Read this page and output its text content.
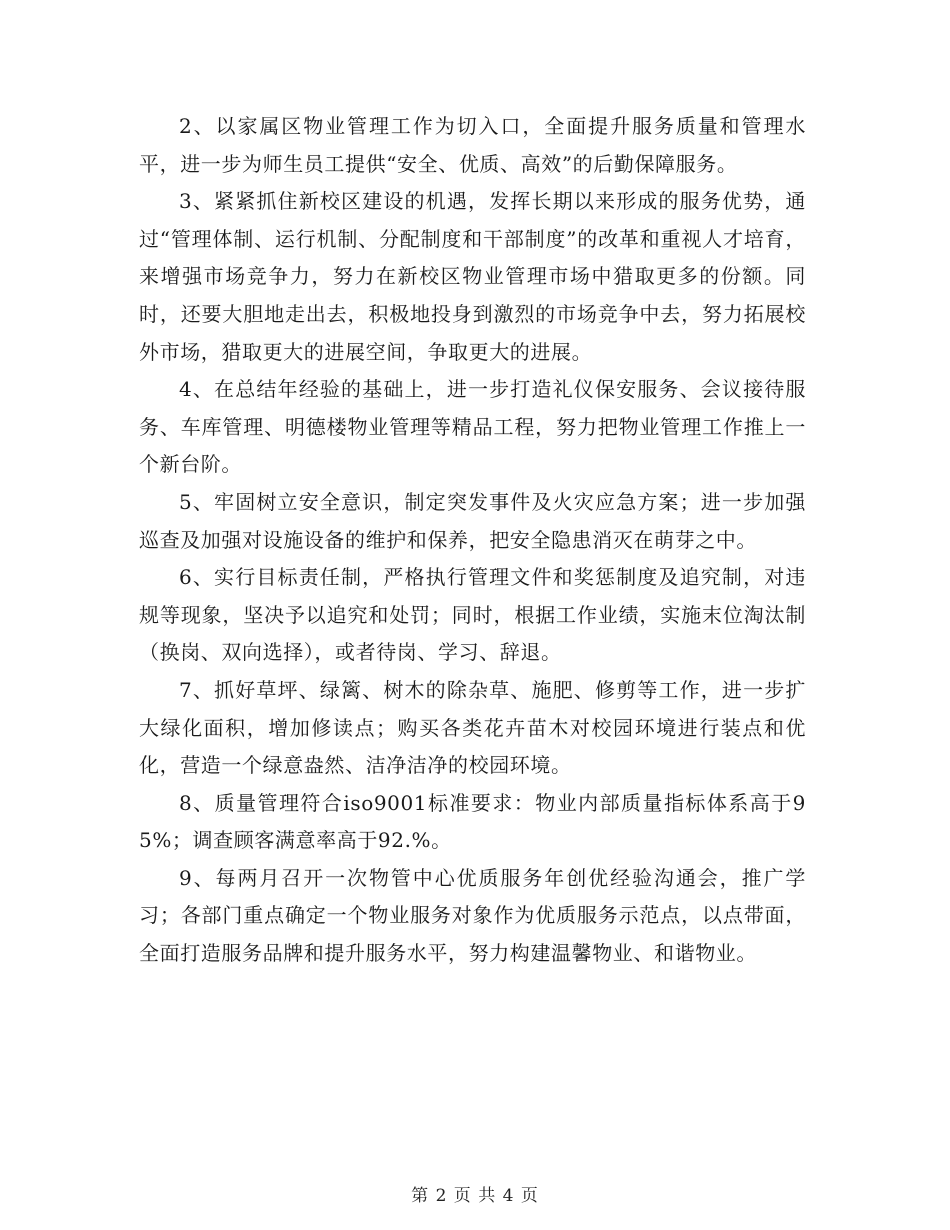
2、以家属区物业管理工作为切入口，全面提升服务质量和管理水平，进一步为师生员工提供“安全、优质、高效”的后勤保障服务。

3、紧紧抓住新校区建设的机遇，发挥长期以来形成的服务优势，通过“管理体制、运行机制、分配制度和干部制度”的改革和重视人才培育，来增强市场竞争力，努力在新校区物业管理市场中猎取更多的份额。同时，还要大胆地走出去，积极地投身到激烈的市场竞争中去，努力拓展校外市场，猎取更大的进展空间，争取更大的进展。

4、在总结年经验的基础上，进一步打造礼仪保安服务、会议接待服务、车库管理、明德楼物业管理等精品工程，努力把物业管理工作推上一个新台阶。

5、牢固树立安全意识，制定突发事件及火灾应急方案；进一步加强巡查及加强对设施设备的维护和保养，把安全隐患消灭在萌芽之中。

6、实行目标责任制，严格执行管理文件和奖惩制度及追究制，对违规等现象，坚决予以追究和处罚；同时，根据工作业绩，实施末位淘汰制（换岗、双向选择），或者待岗、学习、辞退。

7、抓好草坪、绿篱、树木的除杂草、施肥、修剪等工作，进一步扩大绿化面积，增加修读点；购买各类花卉苗木对校园环境进行装点和优化，营造一个绿意盎然、洁净洁净的校园环境。

8、质量管理符合iso9001标准要求：物业内部质量指标体系高于95%；调查顾客满意率高于92.%。

9、每两月召开一次物管中心优质服务年创优经验沟通会，推广学习；各部门重点确定一个物业服务对象作为优质服务示范点，以点带面，全面打造服务品牌和提升服务水平，努力构建温馨物业、和谐物业。

第 2 页 共 4 页
